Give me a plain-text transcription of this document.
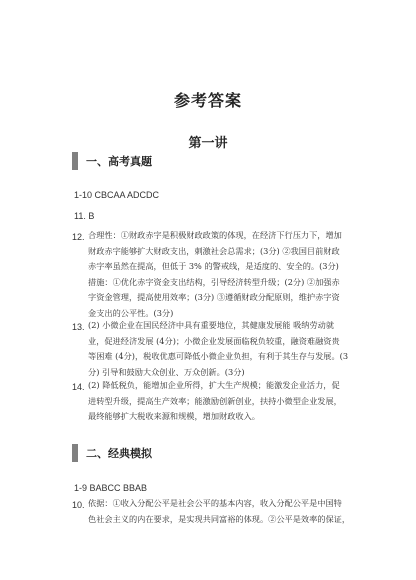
参考答案
第一讲
一、高考真题
1-10 CBCAA ADCDC
11. B
12. 合理性：①财政赤字是积极财政政策的体现，在经济下行压力下，增加
财政赤字能够扩大财政支出，刺激社会总需求；(3分) ②我国目前财政
赤字率虽然在提高，但低于 3% 的警戒线，是适度的、安全的。(3分)
措施：①优化赤字资金支出结构，引导经济转型升级；(2分) ②加强赤
字资金管理，提高使用效率；(3分) ③遵循财政分配原则，维护赤字资
金支出的公平性。(3分)
13. (2) 小微企业在国民经济中具有重要地位，其健康发展能 吸纳劳动就
业，促进经济发展 (4分)；小微企业发展面临税负较重，融资难融资贵
等困难 (4分)，税收优惠可降低小微企业负担，有利于其生存与发展。(3
分) 引导和鼓励大众创业、万众创新。(3分)
14. (2) 降低税负，能增加企业所得，扩大生产规模；能激发企业活力，促
进转型升级，提高生产效率；能激励创新创业，扶持小微型企业发展，
最终能够扩大税收来源和规模，增加财政收入。
二、经典模拟
1-9 BABCC BBAB
10. 依据：①收入分配公平是社会公平的基本内容，收入分配公平是中国特
色社会主义的内在要求，是实现共同富裕的体现。②公平是效率的保证，
